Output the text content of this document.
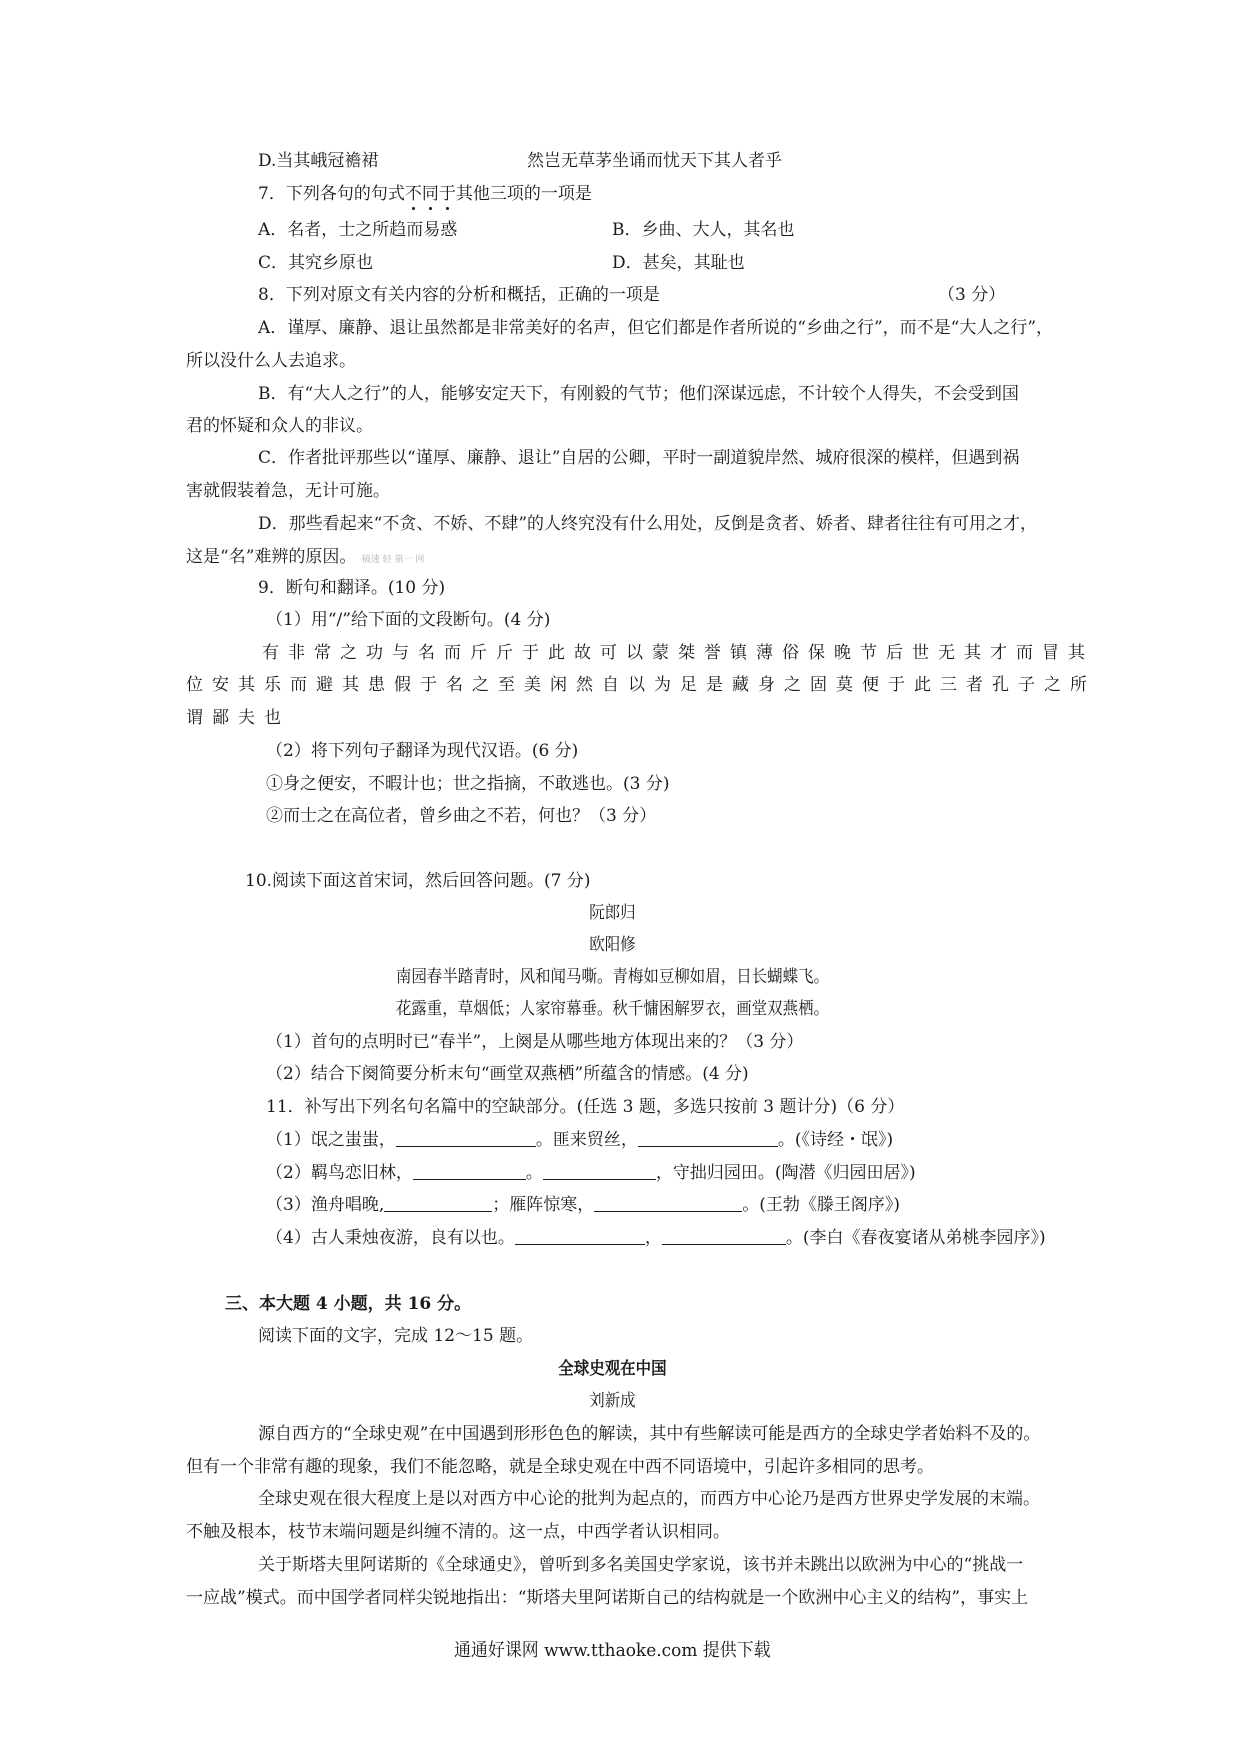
D.当其峨冠襜裙	然岂无草茅坐诵而忧天下其人者乎
7．下列各句的句式不同于其他三项的一项是
A．名者，士之所趋而易惑	B．乡曲、大人，其名也
C．其究乡原也	D．甚矣，其耻也
8．下列对原文有关内容的分析和概括，正确的一项是	（3 分）
A．谨厚、廉静、退让虽然都是非常美好的名声，但它们都是作者所说的“乡曲之行”，而不是“大人之行”，
所以没什么人去追求。
B．有“大人之行”的人，能够安定天下，有刚毅的气节；他们深谋远虑，不计较个人得失，不会受到国
君的怀疑和众人的非议。
C．作者批评那些以“谨厚、廉静、退让”自居的公卿，平时一副道貌岸然、城府很深的模样，但遇到祸
害就假装着急，无计可施。
D．那些看起来“不贪、不娇、不肆”的人终究没有什么用处，反倒是贪者、娇者、肆者往往有可用之才，
这是“名”难辨的原因。 稿速 轻 第一 网
9．断句和翻译。(10 分)
（1）用“/”给下面的文段断句。(4 分)
有非常之功与名而斤斤于此故可以蒙桀誉镇薄俗保晚节后世无其才而冒其
位安其乐而避其患假于名之至美闲然自以为足是藏身之固莫便于此三者孔子之所
谓鄙夫也
（2）将下列句子翻译为现代汉语。(6 分)
①身之便安，不暇计也；世之指摘，不敢逃也。(3 分)
②而士之在高位者，曾乡曲之不若，何也？（3 分）
10.阅读下面这首宋词，然后回答问题。(7 分)
阮郎归
欧阳修
南园春半踏青时，风和闻马嘶。青梅如豆柳如眉，日长蝴蝶飞。
花露重，草烟低；人家帘幕垂。秋千慵困解罗衣，画堂双燕栖。
（1）首句的点明时已“春半”，上阕是从哪些地方体现出来的？（3 分）
（2）结合下阕简要分析末句“画堂双燕栖”所蕴含的情感。(4 分)
11．补写出下列名句名篇中的空缺部分。(任选 3 题，多选只按前 3 题计分)（6 分）
（1）氓之蚩蚩，	。匪来贸丝，	。(《诗经・氓》)
（2）羁鸟恋旧林，	。	，守拙归园田。(陶潜《归园田居》)
（3）渔舟唱晚,	；雁阵惊寒，	。(王勃《滕王阁序》)
（4）古人秉烛夜游，良有以也。	，	。(李白《春夜宴诸从弟桃李园序》)
三、本大题 4 小题，共 16 分。
阅读下面的文字，完成 12～15 题。
全球史观在中国
刘新成
源自西方的“全球史观”在中国遇到形形色色的解读，其中有些解读可能是西方的全球史学者始料不及的。
但有一个非常有趣的现象，我们不能忽略，就是全球史观在中西不同语境中，引起许多相同的思考。
全球史观在很大程度上是以对西方中心论的批判为起点的，而西方中心论乃是西方世界史学发展的末端。
不触及根本，枝节末端问题是纠缠不清的。这一点，中西学者认识相同。
关于斯塔夫里阿诺斯的《全球通史》，曾听到多名美国史学家说，该书并未跳出以欧洲为中心的“挑战一
一应战”模式。而中国学者同样尖锐地指出：“斯塔夫里阿诺斯自己的结构就是一个欧洲中心主义的结构”，事实上
通通好课网 www.tthaoke.com 提供下载
